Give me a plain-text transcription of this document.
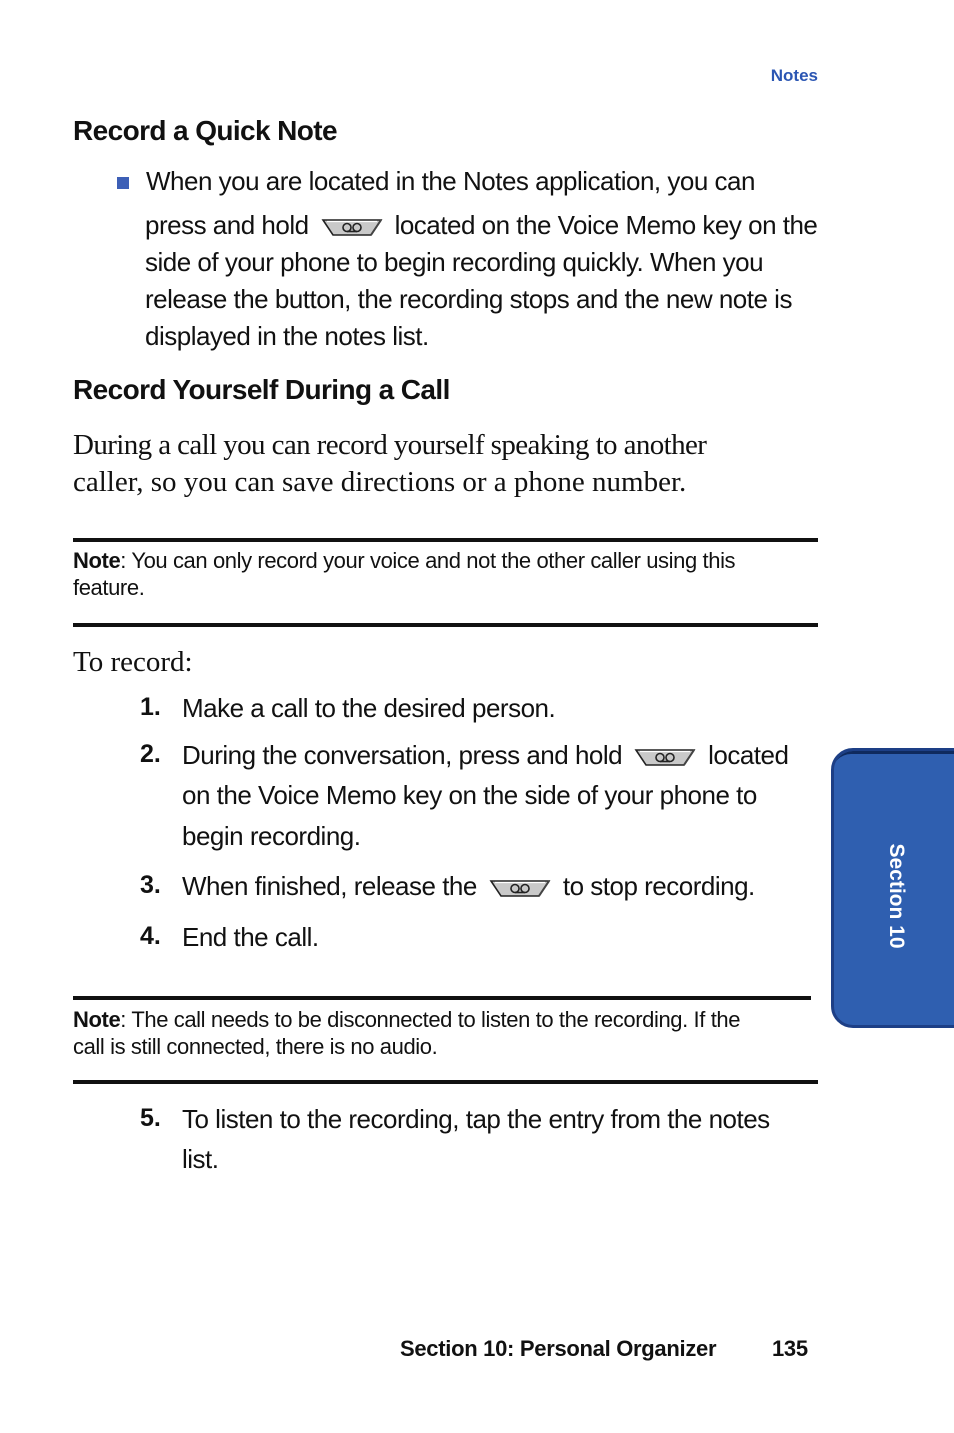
Notes
Record a Quick Note
When you are located in the Notes application, you can
press and hold	located on the Voice Memo key on the
side of your phone to begin recording quickly. When you
release the button, the recording stops and the new note is
displayed in the notes list.
Record Yourself During a Call
During a call you can record yourself speaking to another
caller, so you can save directions or a phone number.
Note: You can only record your voice and not the other caller using this
feature.
To record:
1. Make a call to the desired person.
2. During the conversation, press and hold	located
on the Voice Memo key on the side of your phone to
begin recording.
3. When finished, release the	to stop recording.
4. End the call.
Note: The call needs to be disconnected to listen to the recording. If the
call is still connected, there is no audio.
5. To listen to the recording, tap the entry from the notes
list.
Section 10
Section 10: Personal Organizer	135
